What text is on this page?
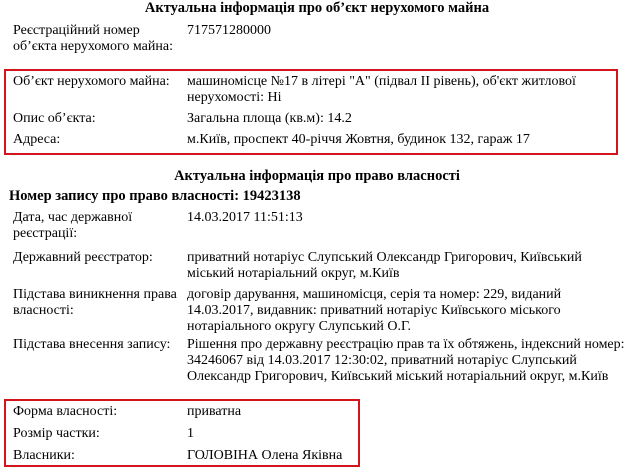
Актуальна інформація про об’єкт нерухомого майна
Реєстраційний номер об’єкта нерухомого майна:
717571280000
Об’єкт нерухомого майна:	машиномісце №17 в літері "А" (підвал ІІ рівень), об'єкт житлової нерухомості: Ні
Опис об’єкта:	Загальна площа (кв.м): 14.2
Адреса:	м.Київ, проспект 40-річчя Жовтня, будинок 132, гараж 17
Актуальна інформація про право власності
Номер запису про право власності: 19423138
Дата, час державної реєстрації:
14.03.2017 11:51:13
Державний реєстратор:	приватний нотаріус Слупський Олександр Григорович, Київський міський нотаріальний округ, м.Київ
Підстава виникнення права власності:
договір дарування, машиномісця, серія та номер: 229, виданий 14.03.2017, видавник: приватний нотаріус Київського міського нотаріального округу Слупський О.Г.
Підстава внесення запису:	Рішення про державну реєстрацію прав та їх обтяжень, індексний номер: 34246067 від 14.03.2017 12:30:02, приватний нотаріус Слупський Олександр Григорович, Київський міський нотаріальний округ, м.Київ
Форма власності:	приватна
Розмір частки:	1
Власники:	ГОЛОВІНА Олена Яківна
